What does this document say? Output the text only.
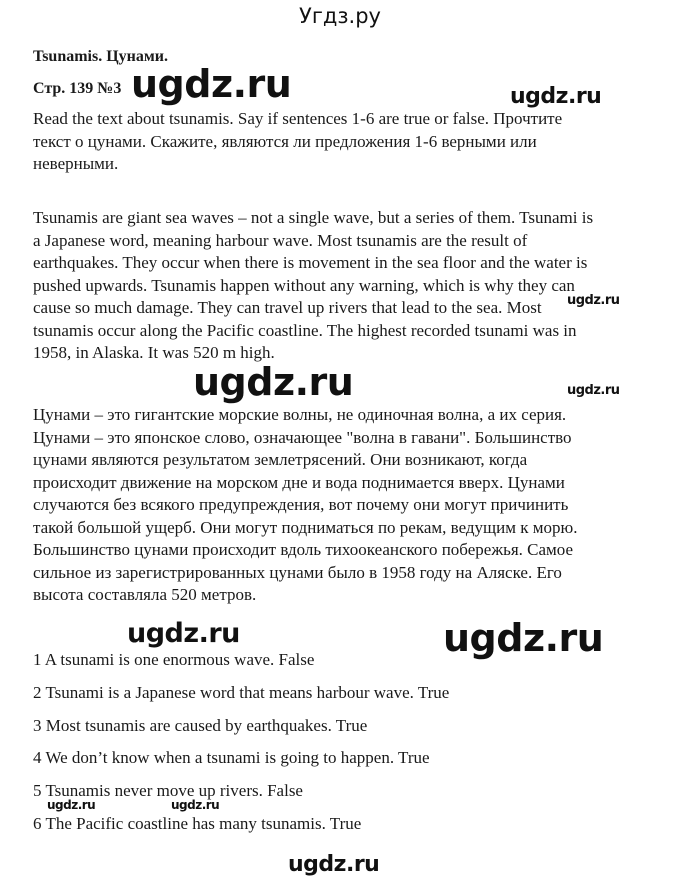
Угдз.ру
Tsunamis. Цунами.
Стр. 139 №3
Read the text about tsunamis. Say if sentences 1-6 are true or false. Прочтите
текст о цунами. Скажите, являются ли предложения 1-6 верными или
неверными.
Tsunamis are giant sea waves – not a single wave, but a series of them. Tsunami is
a Japanese word, meaning harbour wave. Most tsunamis are the result of
earthquakes. They occur when there is movement in the sea floor and the water is
pushed upwards. Tsunamis happen without any warning, which is why they can
cause so much damage. They can travel up rivers that lead to the sea. Most
tsunamis occur along the Pacific coastline. The highest recorded tsunami was in
1958, in Alaska. It was 520 m high.
Цунами – это гигантские морские волны, не одиночная волна, а их серия.
Цунами – это японское слово, означающее "волна в гавани". Большинство
цунами являются результатом землетрясений. Они возникают, когда
происходит движение на морском дне и вода поднимается вверх. Цунами
случаются без всякого предупреждения, вот почему они могут причинить
такой большой ущерб. Они могут подниматься по рекам, ведущим к морю.
Большинство цунами происходит вдоль тихоокеанского побережья. Самое
сильное из зарегистрированных цунами было в 1958 году на Аляске. Его
высота составляла 520 метров.
1 A tsunami is one enormous wave. False
2 Tsunami is a Japanese word that means harbour wave. True
3 Most tsunamis are caused by earthquakes. True
4 We don’t know when a tsunami is going to happen. True
5 Tsunamis never move up rivers. False
6 The Pacific coastline has many tsunamis. True
ugdz.ru	ugdz.ru
ugdz.ru
ugdz.ru	ugdz.ru
ugdz.ru	ugdz.ru
ugdz.ru	ugdz.ru
ugdz.ru
